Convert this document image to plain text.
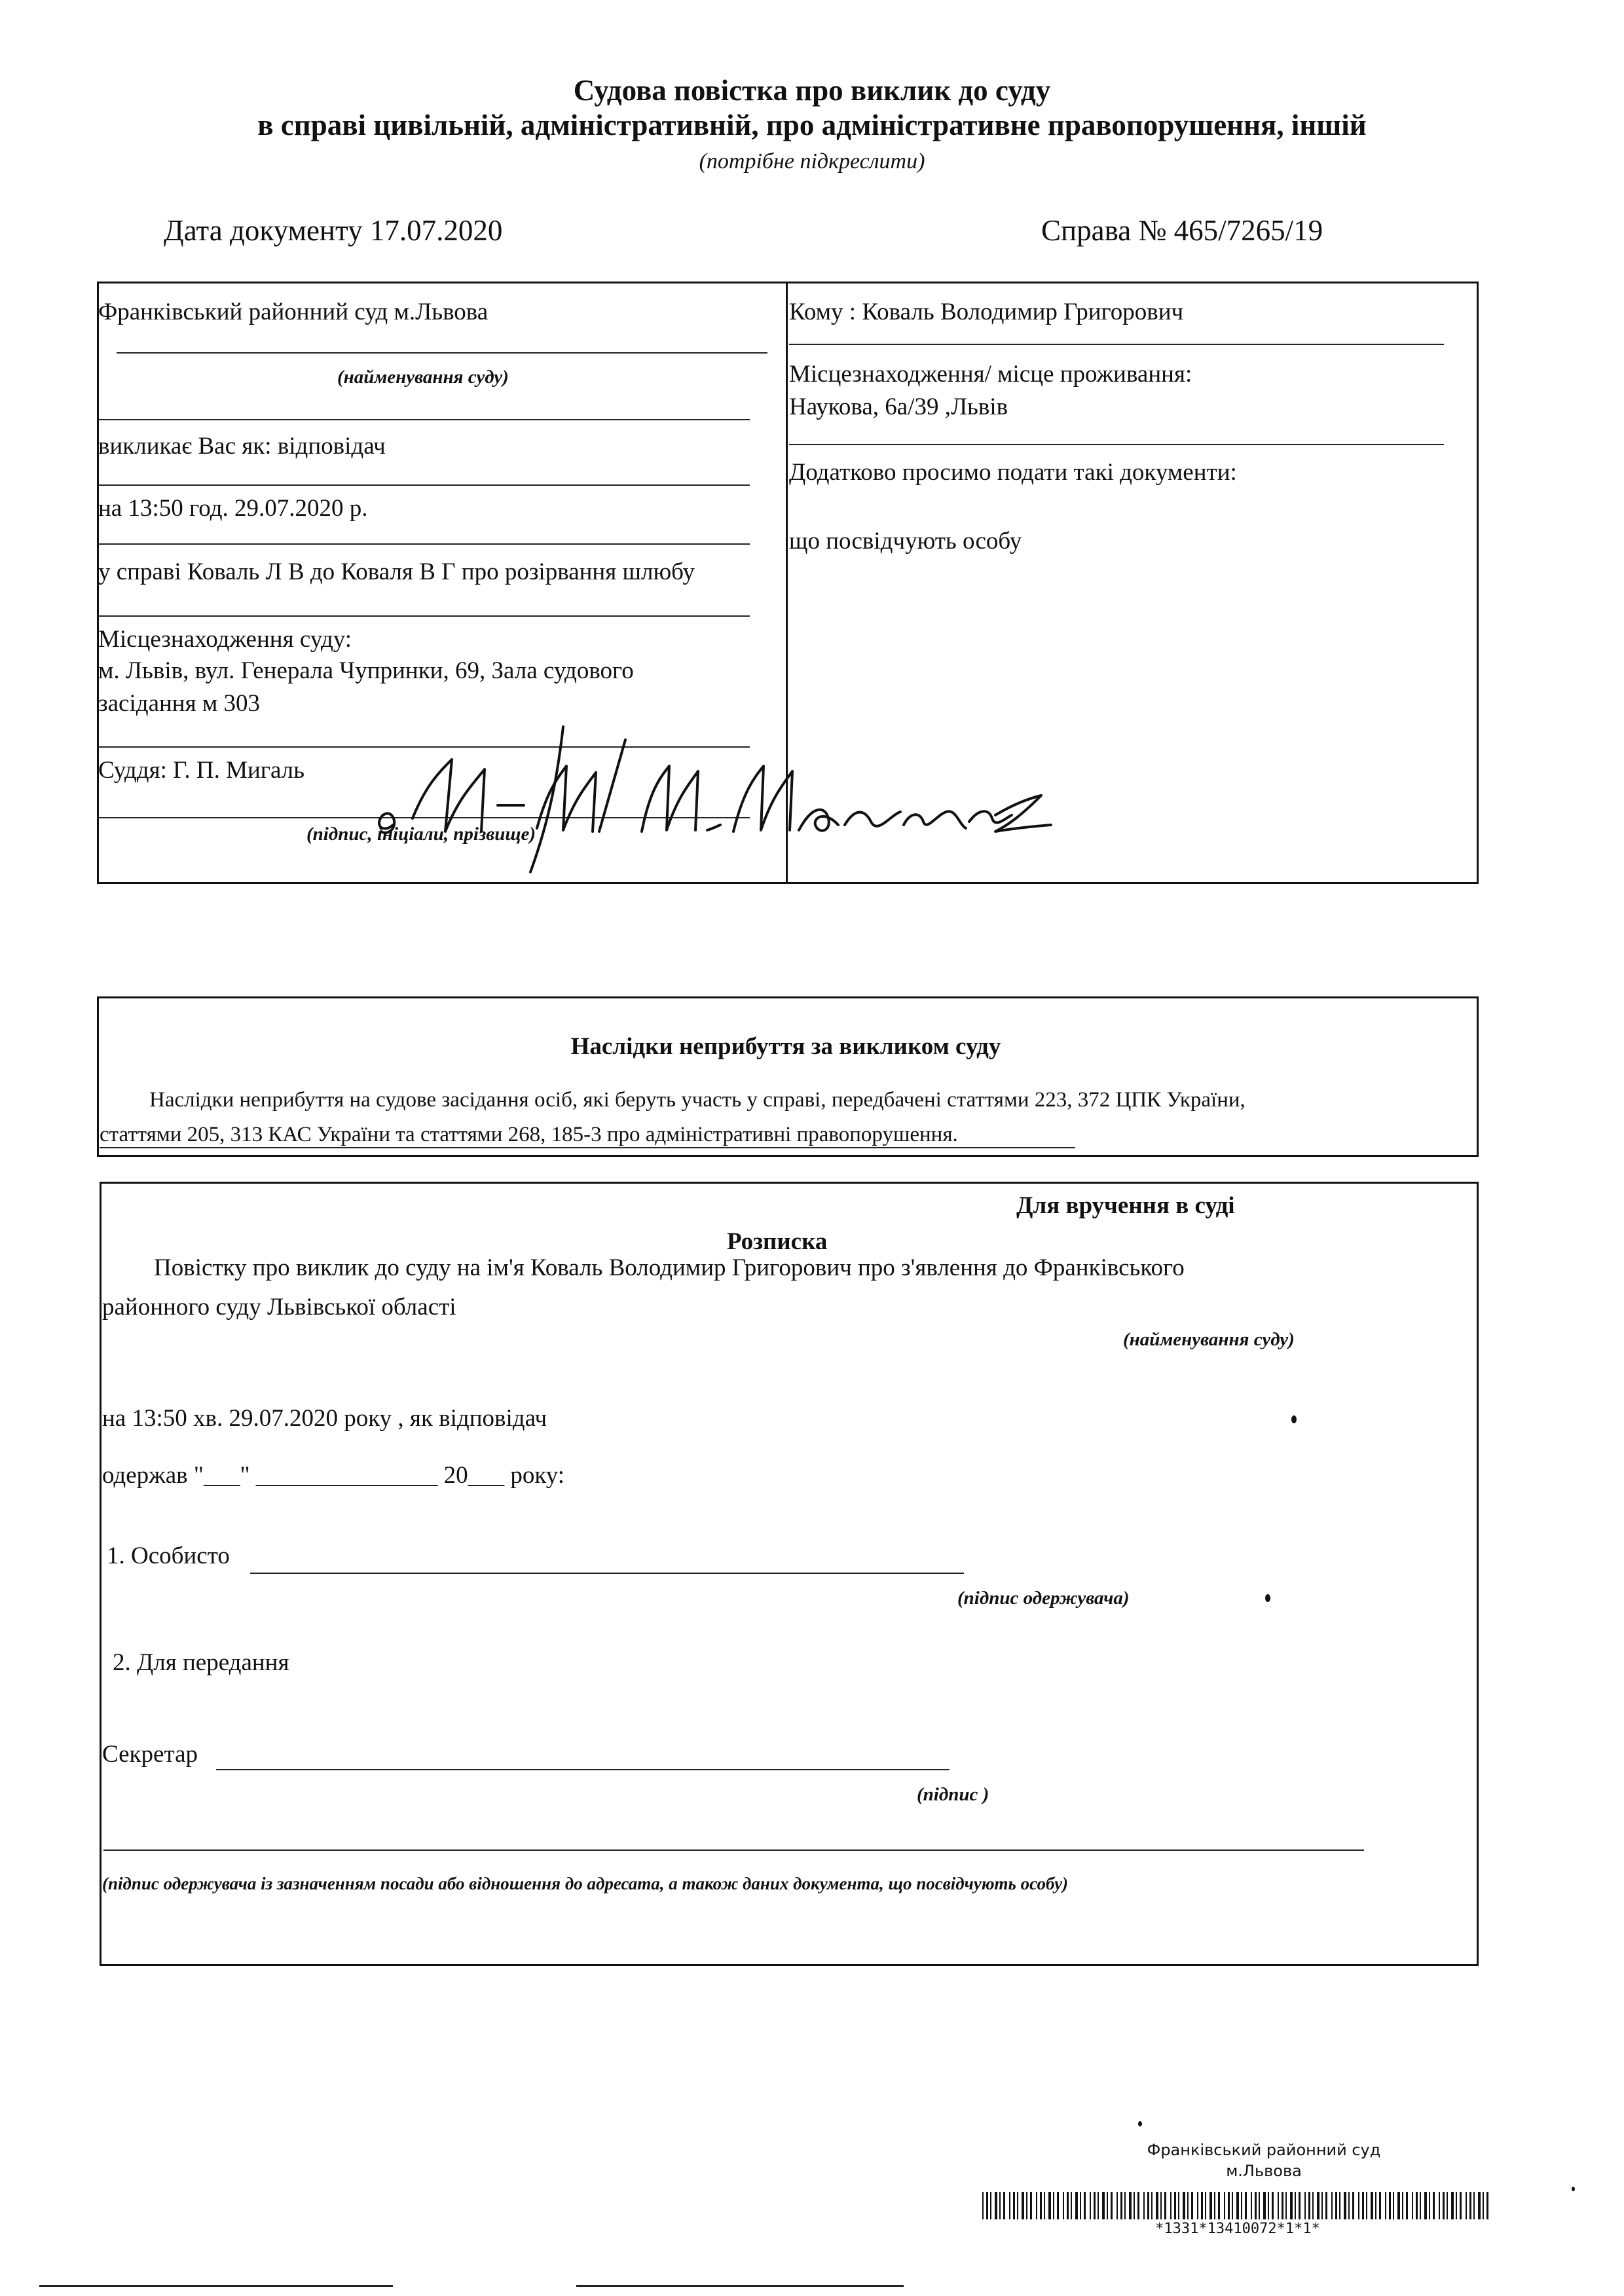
Судова повістка про виклик до суду
в справі цивільній, адміністративній, про адміністративне правопорушення, іншій
(потрібне підкреслити)
Дата документу 17.07.2020	Справа № 465/7265/19
Франківський районний суд м.Львова
(найменування суду)
викликає Вас як: відповідач
на 13:50 год. 29.07.2020 р.
у справі Коваль Л В до Коваля В Г про розірвання шлюбу
Місцезнаходження суду:
м. Львів, вул. Генерала Чупринки, 69, Зала судового
засідання м 303
Суддя: Г. П. Мигаль
(підпис, ініціали, прізвище)
Кому : Коваль Володимир Григорович
Місцезнаходження/ місце проживання:
Наукова, 6а/39 ,Львів
Додатково просимо подати такі документи:
що посвідчують особу
Наслідки неприбуття за викликом суду
Наслідки неприбуття на судове засідання осіб, які беруть участь у справі, передбачені статтями 223, 372 ЦПК України,
статтями 205, 313 КАС України та статтями 268, 185-3 про адміністративні правопорушення.
Для вручення в суді
Розписка
Повістку про виклик до суду на ім'я Коваль Володимир Григорович про з'явлення до Франківського
районного суду Львівської області
(найменування суду)
на 13:50 хв. 29.07.2020 року , як відповідач
одержав "___" _______________ 20___ року:
1. Особисто
(підпис одержувача)
2. Для передання
Секретар
(підпис )
(підпис одержувача із зазначенням посади або відношення до адресата, а також даних документа, що посвідчують особу)
Франківський районний суд
м.Львова
*1331*13410072*1*1*
